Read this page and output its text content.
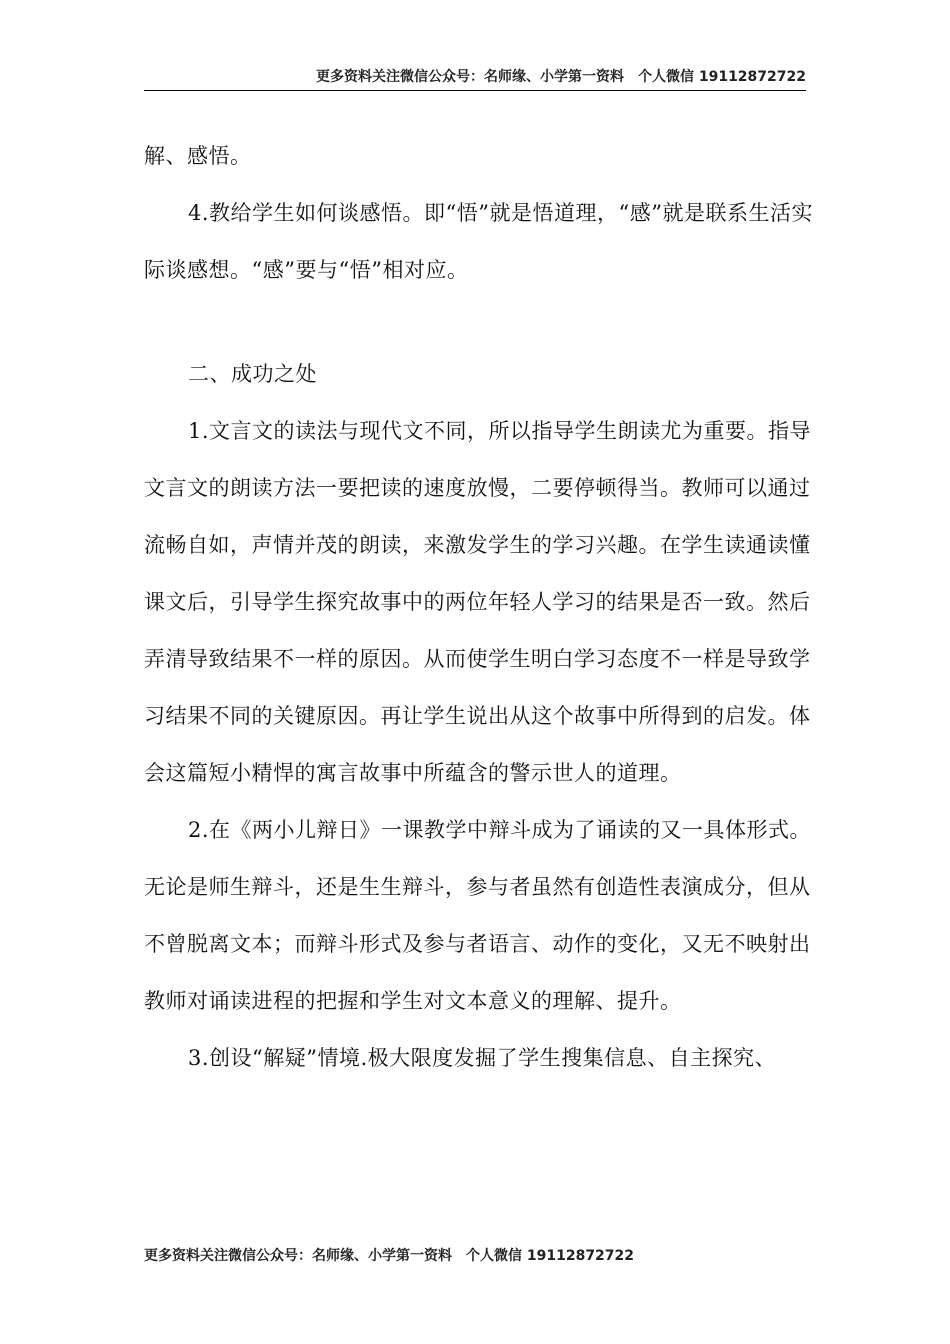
更多资料关注微信公众号：名师缘、小学第一资料　个人微信 19112872722

解、感悟。

4.教给学生如何谈感悟。即“悟”就是悟道理，“感”就是联系生活实际谈感想。“感”要与“悟”相对应。

二、成功之处

1.文言文的读法与现代文不同，所以指导学生朗读尤为重要。指导文言文的朗读方法一要把读的速度放慢，二要停顿得当。教师可以通过流畅自如，声情并茂的朗读，来激发学生的学习兴趣。在学生读通读懂课文后，引导学生探究故事中的两位年轻人学习的结果是否一致。然后弄清导致结果不一样的原因。从而使学生明白学习态度不一样是导致学习结果不同的关键原因。再让学生说出从这个故事中所得到的启发。体会这篇短小精悍的寓言故事中所蕴含的警示世人的道理。

2.在《两小儿辩日》一课教学中辩斗成为了诵读的又一具体形式。无论是师生辩斗，还是生生辩斗，参与者虽然有创造性表演成分，但从不曾脱离文本；而辩斗形式及参与者语言、动作的变化，又无不映射出教师对诵读进程的把握和学生对文本意义的理解、提升。

3.创设“解疑”情境.极大限度发掘了学生搜集信息、自主探究、

更多资料关注微信公众号：名师缘、小学第一资料　个人微信 19112872722
